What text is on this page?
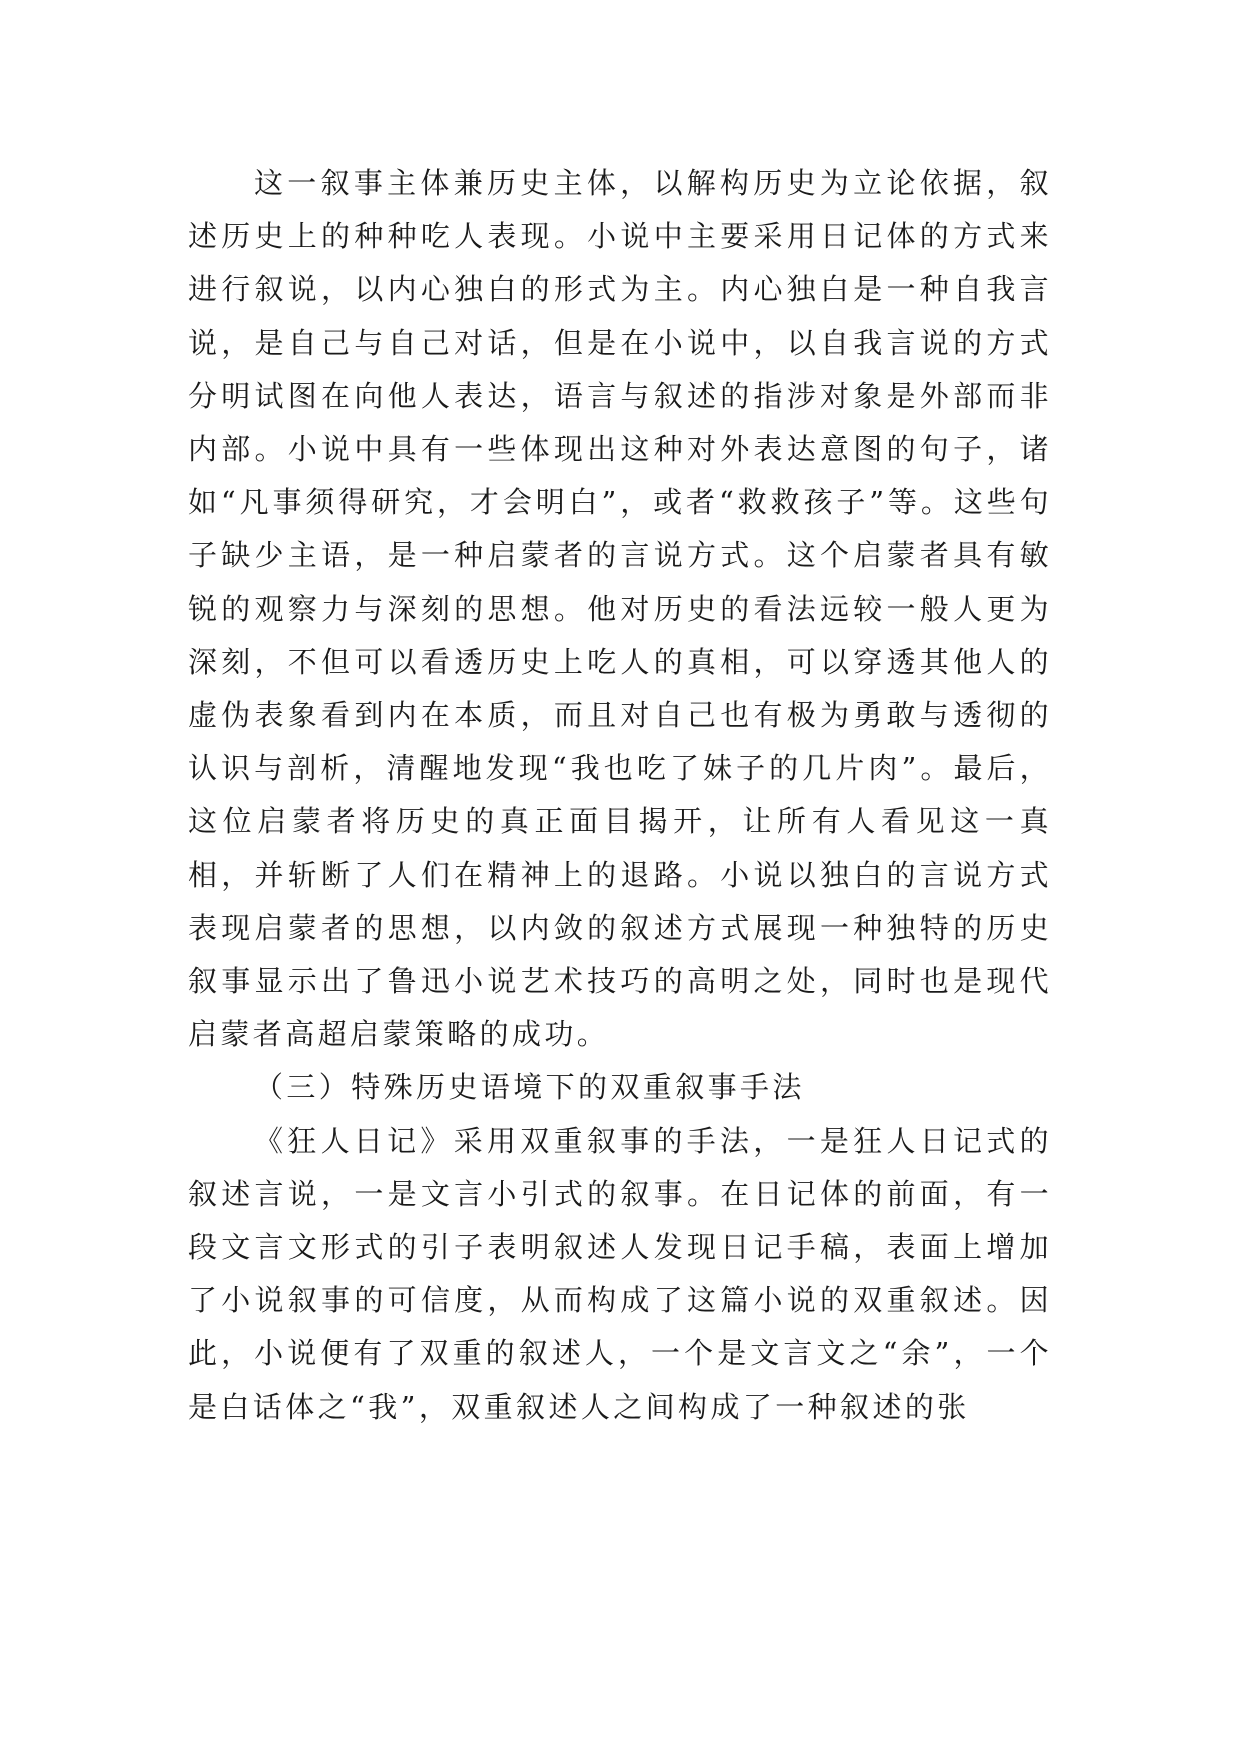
这一叙事主体兼历史主体，以解构历史为立论依据，叙述历史上的种种吃人表现。小说中主要采用日记体的方式来进行叙说，以内心独白的形式为主。内心独白是一种自我言说，是自己与自己对话，但是在小说中，以自我言说的方式分明试图在向他人表达，语言与叙述的指涉对象是外部而非内部。小说中具有一些体现出这种对外表达意图的句子，诸如“凡事须得研究，才会明白”，或者“救救孩子”等。这些句子缺少主语，是一种启蒙者的言说方式。这个启蒙者具有敏锐的观察力与深刻的思想。他对历史的看法远较一般人更为深刻，不但可以看透历史上吃人的真相，可以穿透其他人的虚伪表象看到内在本质，而且对自己也有极为勇敢与透彻的认识与剖析，清醒地发现“我也吃了妹子的几片肉”。最后，这位启蒙者将历史的真正面目揭开，让所有人看见这一真相，并斩断了人们在精神上的退路。小说以独白的言说方式表现启蒙者的思想，以内敛的叙述方式展现一种独特的历史叙事显示出了鲁迅小说艺术技巧的高明之处，同时也是现代启蒙者高超启蒙策略的成功。

（三）特殊历史语境下的双重叙事手法

《狂人日记》采用双重叙事的手法，一是狂人日记式的叙述言说，一是文言小引式的叙事。在日记体的前面，有一段文言文形式的引子表明叙述人发现日记手稿，表面上增加了小说叙事的可信度，从而构成了这篇小说的双重叙述。因此，小说便有了双重的叙述人，一个是文言文之“余”，一个是白话体之“我”，双重叙述人之间构成了一种叙述的张
